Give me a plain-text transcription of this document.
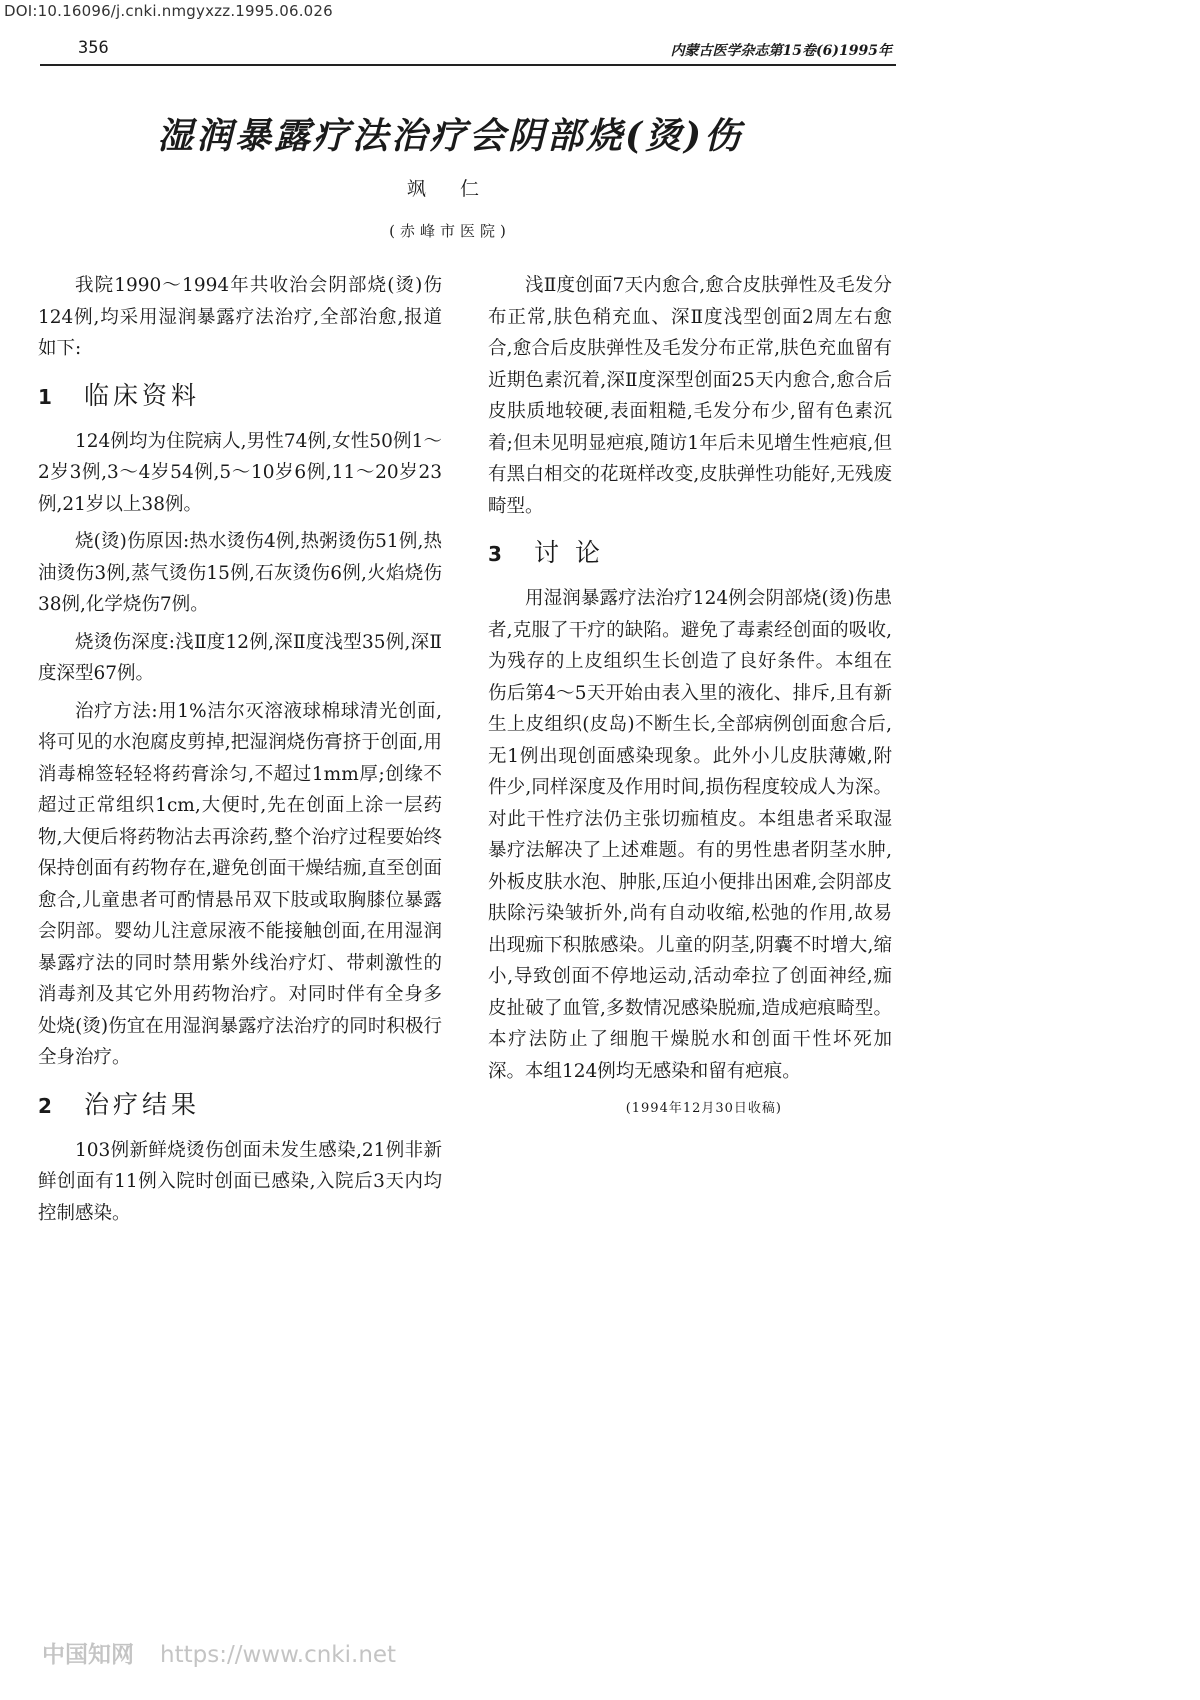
DOI:10.16096/j.cnki.nmgyxzz.1995.06.026
356	内蒙古医学杂志第15卷(6)1995年
湿润暴露疗法治疗会阴部烧(烫)伤
飒 仁
(赤峰市医院)

我院1990～1994年共收治会阴部烧(烫)伤124例,均采用湿润暴露疗法治疗,全部治愈,报道如下:

1 临床资料

124例均为住院病人,男性74例,女性50例1～2岁3例,3～4岁54例,5～10岁6例,11～20岁23例,21岁以上38例。

烧(烫)伤原因:热水烫伤4例,热粥烫伤51例,热油烫伤3例,蒸气烫伤15例,石灰烫伤6例,火焰烧伤38例,化学烧伤7例。

烧烫伤深度:浅Ⅱ度12例,深Ⅱ度浅型35例,深Ⅱ度深型67例。

治疗方法:用1%洁尔灭溶液球棉球清光创面,将可见的水泡腐皮剪掉,把湿润烧伤膏挤于创面,用消毒棉签轻轻将药膏涂匀,不超过1mm厚;创缘不超过正常组织1cm,大便时,先在创面上涂一层药物,大便后将药物沾去再涂药,整个治疗过程要始终保持创面有药物存在,避免创面干燥结痂,直至创面愈合,儿童患者可酌情悬吊双下肢或取胸膝位暴露会阴部。婴幼儿注意尿液不能接触创面,在用湿润暴露疗法的同时禁用紫外线治疗灯、带刺激性的消毒剂及其它外用药物治疗。对同时伴有全身多处烧(烫)伤宜在用湿润暴露疗法治疗的同时积极行全身治疗。

2 治疗结果

103例新鲜烧烫伤创面未发生感染,21例非新鲜创面有11例入院时创面已感染,入院后3天内均控制感染。

浅Ⅱ度创面7天内愈合,愈合皮肤弹性及毛发分布正常,肤色稍充血、深Ⅱ度浅型创面2周左右愈合,愈合后皮肤弹性及毛发分布正常,肤色充血留有近期色素沉着,深Ⅱ度深型创面25天内愈合,愈合后皮肤质地较硬,表面粗糙,毛发分布少,留有色素沉着;但未见明显疤痕,随访1年后未见增生性疤痕,但有黑白相交的花斑样改变,皮肤弹性功能好,无残废畸型。

3 讨 论

用湿润暴露疗法治疗124例会阴部烧(烫)伤患者,克服了干疗的缺陷。避免了毒素经创面的吸收,为残存的上皮组织生长创造了良好条件。本组在伤后第4～5天开始由表入里的液化、排斥,且有新生上皮组织(皮岛)不断生长,全部病例创面愈合后,无1例出现创面感染现象。此外小儿皮肤薄嫩,附件少,同样深度及作用时间,损伤程度较成人为深。对此干性疗法仍主张切痂植皮。本组患者采取湿暴疗法解决了上述难题。有的男性患者阴茎水肿,外板皮肤水泡、肿胀,压迫小便排出困难,会阴部皮肤除污染皱折外,尚有自动收缩,松弛的作用,故易出现痂下积脓感染。儿童的阴茎,阴囊不时增大,缩小,导致创面不停地运动,活动牵拉了创面神经,痂皮扯破了血管,多数情况感染脱痂,造成疤痕畸型。本疗法防止了细胞干燥脱水和创面干性坏死加深。本组124例均无感染和留有疤痕。

(1994年12月30日收稿)
中国知网 https://www.cnki.net
